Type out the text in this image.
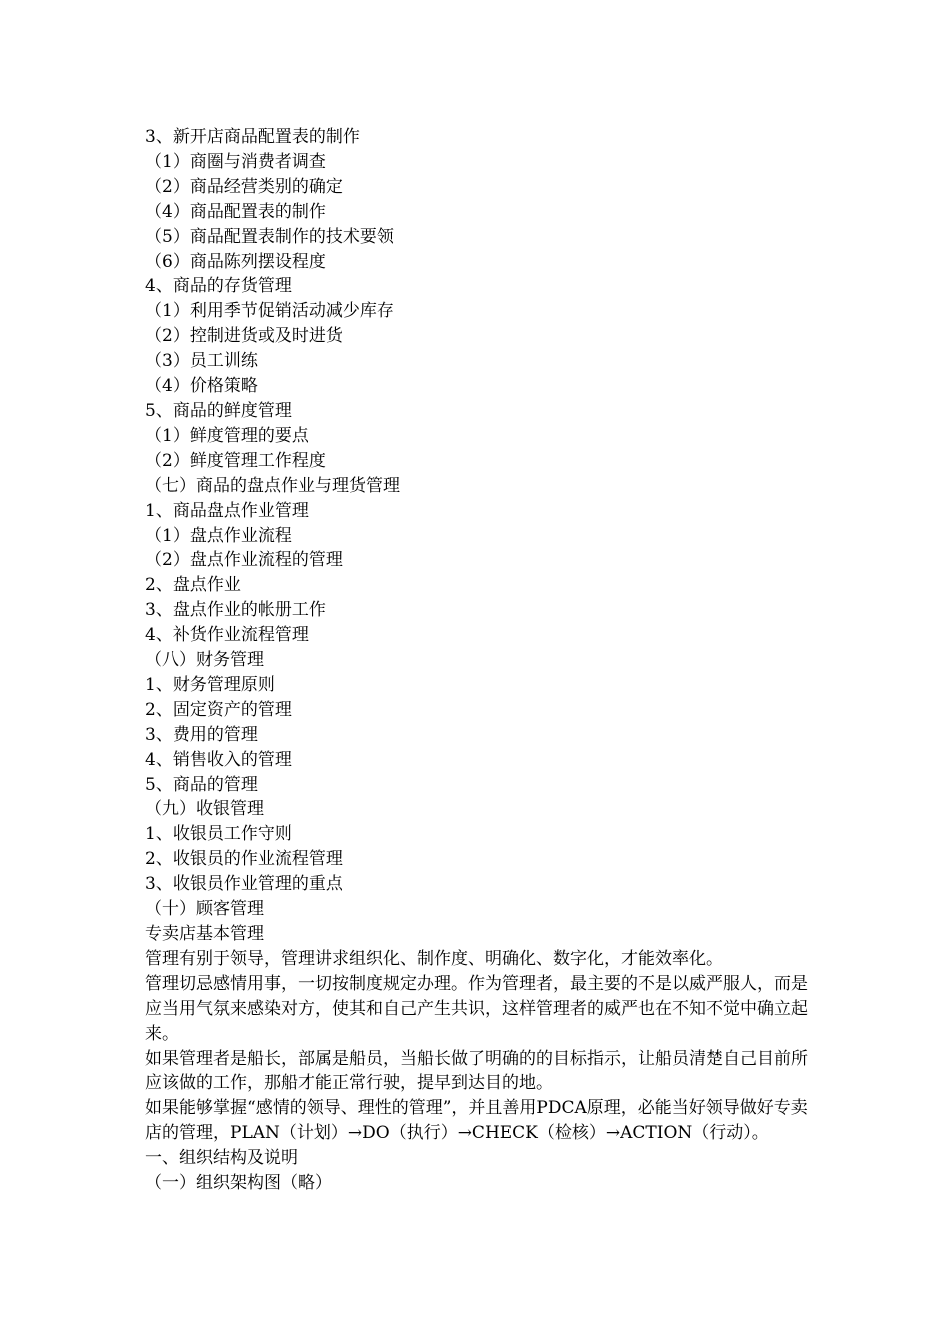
3、新开店商品配置表的制作
（1）商圈与消费者调查
（2）商品经营类别的确定
（4）商品配置表的制作
（5）商品配置表制作的技术要领
（6）商品陈列摆设程度
4、商品的存货管理
（1）利用季节促销活动减少库存
（2）控制进货或及时进货
（3）员工训练
（4）价格策略
5、商品的鲜度管理
（1）鲜度管理的要点
（2）鲜度管理工作程度
（七）商品的盘点作业与理货管理
1、商品盘点作业管理
（1）盘点作业流程
（2）盘点作业流程的管理
2、盘点作业
3、盘点作业的帐册工作
4、补货作业流程管理
（八）财务管理
1、财务管理原则
2、固定资产的管理
3、费用的管理
4、销售收入的管理
5、商品的管理
（九）收银管理
1、收银员工作守则
2、收银员的作业流程管理
3、收银员作业管理的重点
（十）顾客管理
专卖店基本管理
管理有别于领导，管理讲求组织化、制作度、明确化、数字化，才能效率化。
管理切忌感情用事，一切按制度规定办理。作为管理者，最主要的不是以威严服人，而是应当用气氛来感染对方，使其和自己产生共识，这样管理者的威严也在不知不觉中确立起来。
如果管理者是船长，部属是船员，当船长做了明确的的目标指示，让船员清楚自己目前所应该做的工作，那船才能正常行驶，提早到达目的地。
如果能够掌握“感情的领导、理性的管理”，并且善用PDCA原理，必能当好领导做好专卖店的管理，PLAN（计划）→DO（执行）→CHECK（检核）→ACTION（行动）。
一、组织结构及说明
（一）组织架构图（略）
